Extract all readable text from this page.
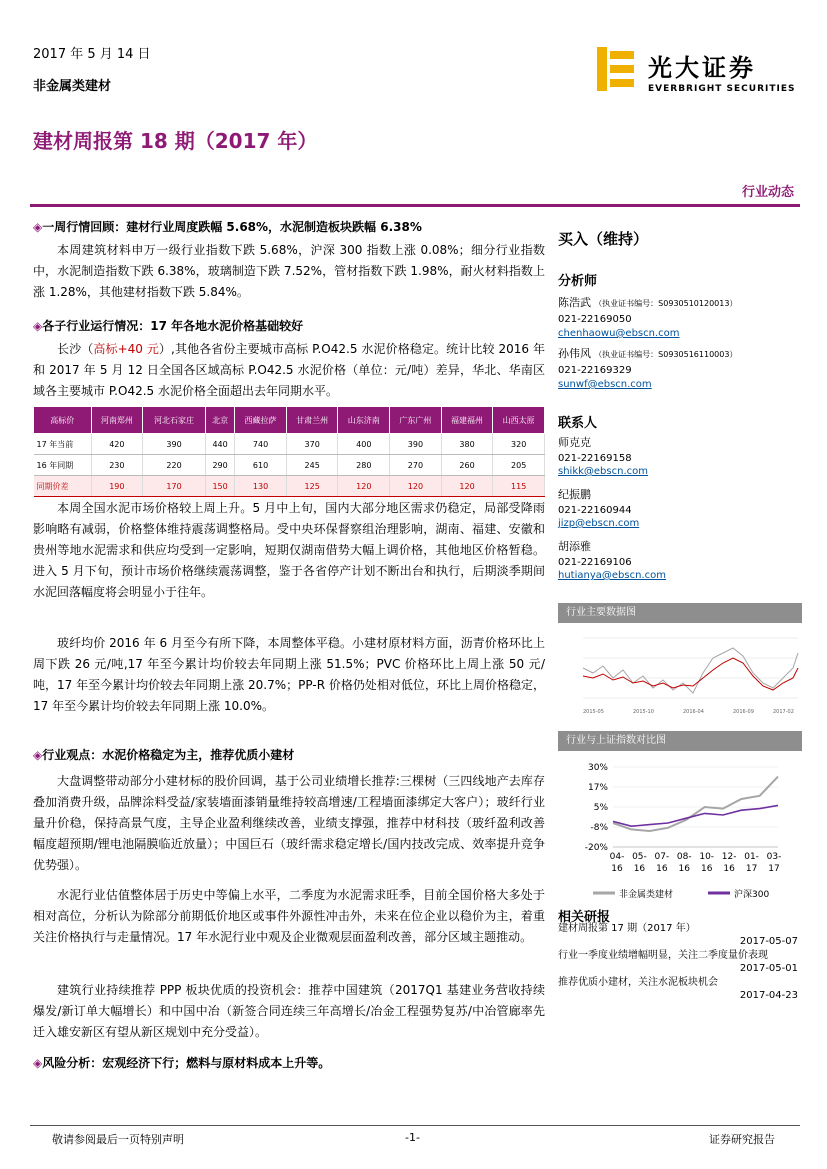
2017 年 5 月 14 日
非金属类建材
光大证券
EVERBRIGHT SECURITIES
建材周报第 18 期（2017 年）
行业动态
◈一周行情回顾：建材行业周度跌幅 5.68%，水泥制造板块跌幅 6.38%
本周建筑材料申万一级行业指数下跌 5.68%，沪深 300 指数上涨 0.08%；细分行业指数中，水泥制造指数下跌 6.38%，玻璃制造下跌 7.52%，管材指数下跌 1.98%，耐火材料指数上涨 1.28%，其他建材指数下跌 5.84%。
◈各子行业运行情况：17 年各地水泥价格基础较好
长沙（高标+40 元）,其他各省份主要城市高标 P.O42.5 水泥价格稳定。统计比较 2016 年和 2017 年 5 月 12 日全国各区域高标 P.O42.5 水泥价格（单位：元/吨）差异，华北、华南区域各主要城市 P.O42.5 水泥价格全面超出去年同期水平。
高标价	河南郑州	河北石家庄	北京	西藏拉萨	甘肃兰州	山东济南	广东广州	福建福州	山西太原
17 年当前	420	390	440	740	370	400	390	380	320
16 年同期	230	220	290	610	245	280	270	260	205
同期价差	190	170	150	130	125	120	120	120	115
本周全国水泥市场价格较上周上升。5 月中上旬，国内大部分地区需求仍稳定，局部受降雨影响略有减弱，价格整体维持震荡调整格局。受中央环保督察组治理影响，湖南、福建、安徽和贵州等地水泥需求和供应均受到一定影响，短期仅湖南借势大幅上调价格，其他地区价格暂稳。进入 5 月下旬，预计市场价格继续震荡调整，鉴于各省停产计划不断出台和执行，后期淡季期间水泥回落幅度将会明显小于往年。
玻纤均价 2016 年 6 月至今有所下降，本周整体平稳。小建材原材料方面，沥青价格环比上周下跌 26 元/吨,17 年至今累计均价较去年同期上涨 51.5%；PVC 价格环比上周上涨 50 元/吨，17 年至今累计均价较去年同期上涨 20.7%；PP-R 价格仍处相对低位，环比上周价格稳定，17 年至今累计均价较去年同期上涨 10.0%。
◈行业观点：水泥价格稳定为主，推荐优质小建材
大盘调整带动部分小建材标的股价回调，基于公司业绩增长推荐:三棵树（三四线地产去库存叠加消费升级，品牌涂料受益/家装墙面漆销量维持较高增速/工程墙面漆绑定大客户）；玻纤行业量升价稳，保持高景气度，主导企业盈利继续改善，业绩支撑强，推荐中材科技（玻纤盈利改善幅度超预期/锂电池隔膜临近放量）；中国巨石（玻纤需求稳定增长/国内技改完成、效率提升竞争优势强）。
水泥行业估值整体居于历史中等偏上水平，二季度为水泥需求旺季，目前全国价格大多处于相对高位，分析认为除部分前期低价地区或事件外源性冲击外，未来在位企业以稳价为主，着重关注价格执行与走量情况。17 年水泥行业中观及企业微观层面盈利改善，部分区域主题推动。
建筑行业持续推荐 PPP 板块优质的投资机会：推荐中国建筑（2017Q1 基建业务营收持续爆发/新订单大幅增长）和中国中冶（新签合同连续三年高增长/冶金工程强势复苏/中冶管廊率先迁入雄安新区有望从新区规划中充分受益）。
◈风险分析：宏观经济下行；燃料与原材料成本上升等。
买入（维持）
分析师
陈浩武 （执业证书编号：S0930510120013）
021-22169050
chenhaowu@ebscn.com
孙伟风 （执业证书编号：S0930516110003）
021-22169329
sunwf@ebscn.com
联系人
师克克
021-22169158
shikk@ebscn.com
纪振鹏
021-22160944
jizp@ebscn.com
胡添雅
021-22169106
hutianya@ebscn.com
行业主要数据图
2015-05	2015-10	2016-04	2016-09	2017-02
行业与上证指数对比图
30%
17%
5%
-8%
-20%
04-
16
05-
16
07-
16
08-
16
10-
16
12-
16
01-
17
03-
17
非金属类建材	沪深300
相关研报
建材周报第 17 期（2017 年）
2017-05-07
行业一季度业绩增幅明显，关注二季度量价表现
2017-05-01
推荐优质小建材，关注水泥板块机会
2017-04-23
敬请参阅最后一页特别声明	-1-	证券研究报告
